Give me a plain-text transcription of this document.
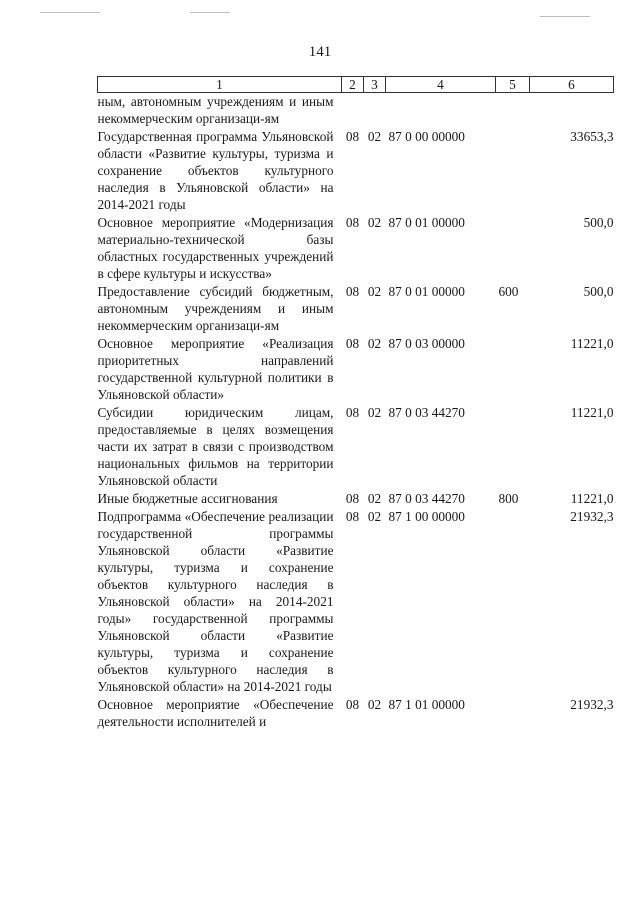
141
1	2	3	4	5	6
ным, автономным учреждениям и иным некоммерческим организаци-ям					
Государственная программа Ульяновской области «Развитие культуры, туризма и сохранение объектов культурного наследия в Ульяновской области» на 2014-2021 годы	08	02	87 0 00 00000		33653,3
Основное мероприятие «Модернизация материально-технической базы областных государственных учреждений в сфере культуры и искусства»	08	02	87 0 01 00000		500,0
Предоставление субсидий бюджетным, автономным учреждениям и иным некоммерческим организаци-ям	08	02	87 0 01 00000	600	500,0
Основное мероприятие «Реализация приоритетных направлений государственной культурной политики в Ульяновской области»	08	02	87 0 03 00000		11221,0
Субсидии юридическим лицам, предоставляемые в целях возмещения части их затрат в связи с производством национальных фильмов на территории Ульяновской области	08	02	87 0 03 44270		11221,0
Иные бюджетные ассигнования	08	02	87 0 03 44270	800	11221,0
Подпрограмма «Обеспечение реализации государственной программы Ульяновской области «Развитие культуры, туризма и сохранение объектов культурного наследия в Ульяновской области» на 2014-2021 годы» государственной программы Ульяновской области «Развитие культуры, туризма и сохранение объектов культурного наследия в Ульяновской области» на 2014-2021 годы	08	02	87 1 00 00000		21932,3
Основное мероприятие «Обеспечение деятельности исполнителей и	08	02	87 1 01 00000		21932,3
